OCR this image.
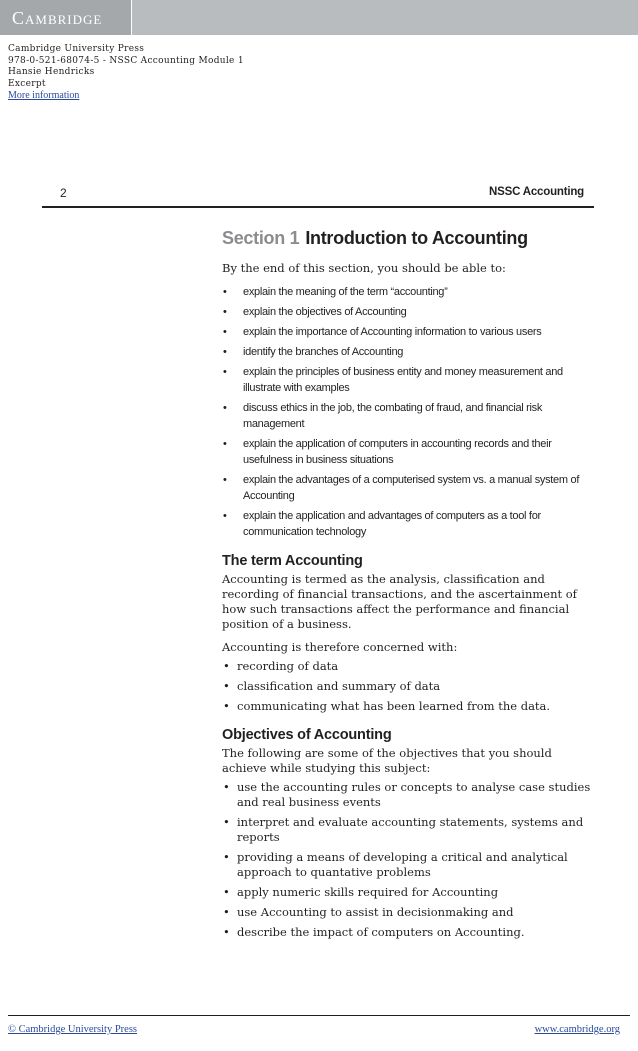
Cambridge
Cambridge University Press
978-0-521-68074-5 - NSSC Accounting Module 1
Hansie Hendricks
Excerpt
More information
2	NSSC Accounting
Section 1 Introduction to Accounting

By the end of this section, you should be able to:

• explain the meaning of the term “accounting”
• explain the objectives of Accounting
• explain the importance of Accounting information to various users
• identify the branches of Accounting
• explain the principles of business entity and money measurement and illustrate with examples
• discuss ethics in the job, the combating of fraud, and financial risk management
• explain the application of computers in accounting records and their usefulness in business situations
• explain the advantages of a computerised system vs. a manual system of Accounting
• explain the application and advantages of computers as a tool for communication technology
The term Accounting

Accounting is termed as the analysis, classification and recording of financial transactions, and the ascertainment of how such transactions affect the performance and financial position of a business.

Accounting is therefore concerned with:

• recording of data
• classification and summary of data
• communicating what has been learned from the data.
Objectives of Accounting

The following are some of the objectives that you should achieve while studying this subject:

• use the accounting rules or concepts to analyse case studies and real business events
• interpret and evaluate accounting statements, systems and reports
• providing a means of developing a critical and analytical approach to quantative problems
• apply numeric skills required for Accounting
• use Accounting to assist in decisionmaking and
• describe the impact of computers on Accounting.
© Cambridge University Press	www.cambridge.org
